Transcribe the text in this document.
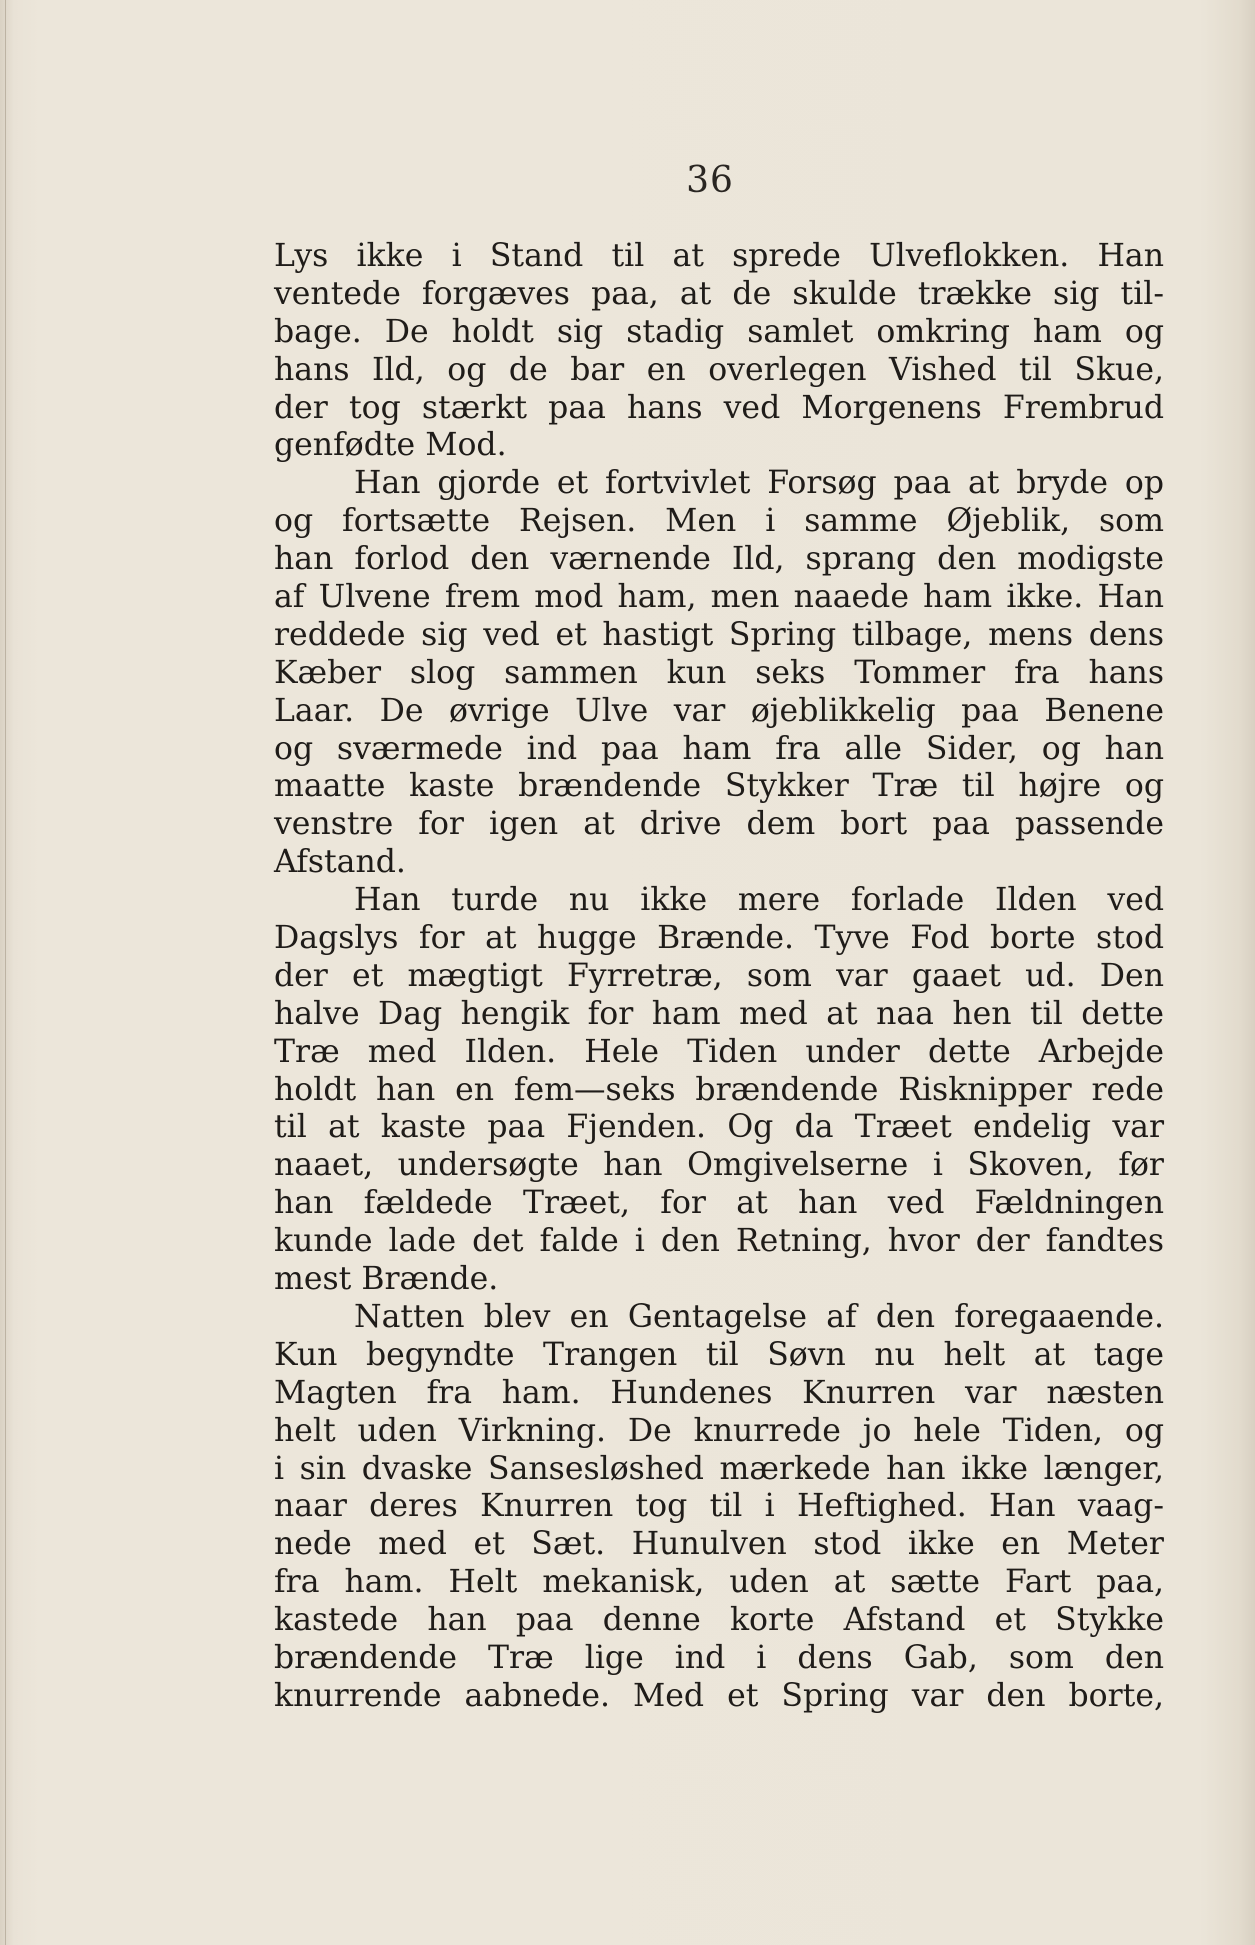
36
Lys ikke i Stand til at sprede Ulveflokken. Han
ventede forgæves paa, at de skulde trække sig til-
bage. De holdt sig stadig samlet omkring ham og
hans Ild, og de bar en overlegen Vished til Skue,
der tog stærkt paa hans ved Morgenens Frembrud
genfødte Mod.
Han gjorde et fortvivlet Forsøg paa at bryde op
og fortsætte Rejsen. Men i samme Øjeblik, som
han forlod den værnende Ild, sprang den modigste
af Ulvene frem mod ham, men naaede ham ikke. Han
reddede sig ved et hastigt Spring tilbage, mens dens
Kæber slog sammen kun seks Tommer fra hans
Laar. De øvrige Ulve var øjeblikkelig paa Benene
og sværmede ind paa ham fra alle Sider, og han
maatte kaste brændende Stykker Træ til højre og
venstre for igen at drive dem bort paa passende
Afstand.
Han turde nu ikke mere forlade Ilden ved
Dagslys for at hugge Brænde. Tyve Fod borte stod
der et mægtigt Fyrretræ, som var gaaet ud. Den
halve Dag hengik for ham med at naa hen til dette
Træ med Ilden. Hele Tiden under dette Arbejde
holdt han en fem—seks brændende Risknipper rede
til at kaste paa Fjenden. Og da Træet endelig var
naaet, undersøgte han Omgivelserne i Skoven, før
han fældede Træet, for at han ved Fældningen
kunde lade det falde i den Retning, hvor der fandtes
mest Brænde.
Natten blev en Gentagelse af den foregaaende.
Kun begyndte Trangen til Søvn nu helt at tage
Magten fra ham. Hundenes Knurren var næsten
helt uden Virkning. De knurrede jo hele Tiden, og
i sin dvaske Sansesløshed mærkede han ikke længer,
naar deres Knurren tog til i Heftighed. Han vaag-
nede med et Sæt. Hunulven stod ikke en Meter
fra ham. Helt mekanisk, uden at sætte Fart paa,
kastede han paa denne korte Afstand et Stykke
brændende Træ lige ind i dens Gab, som den
knurrende aabnede. Med et Spring var den borte,
